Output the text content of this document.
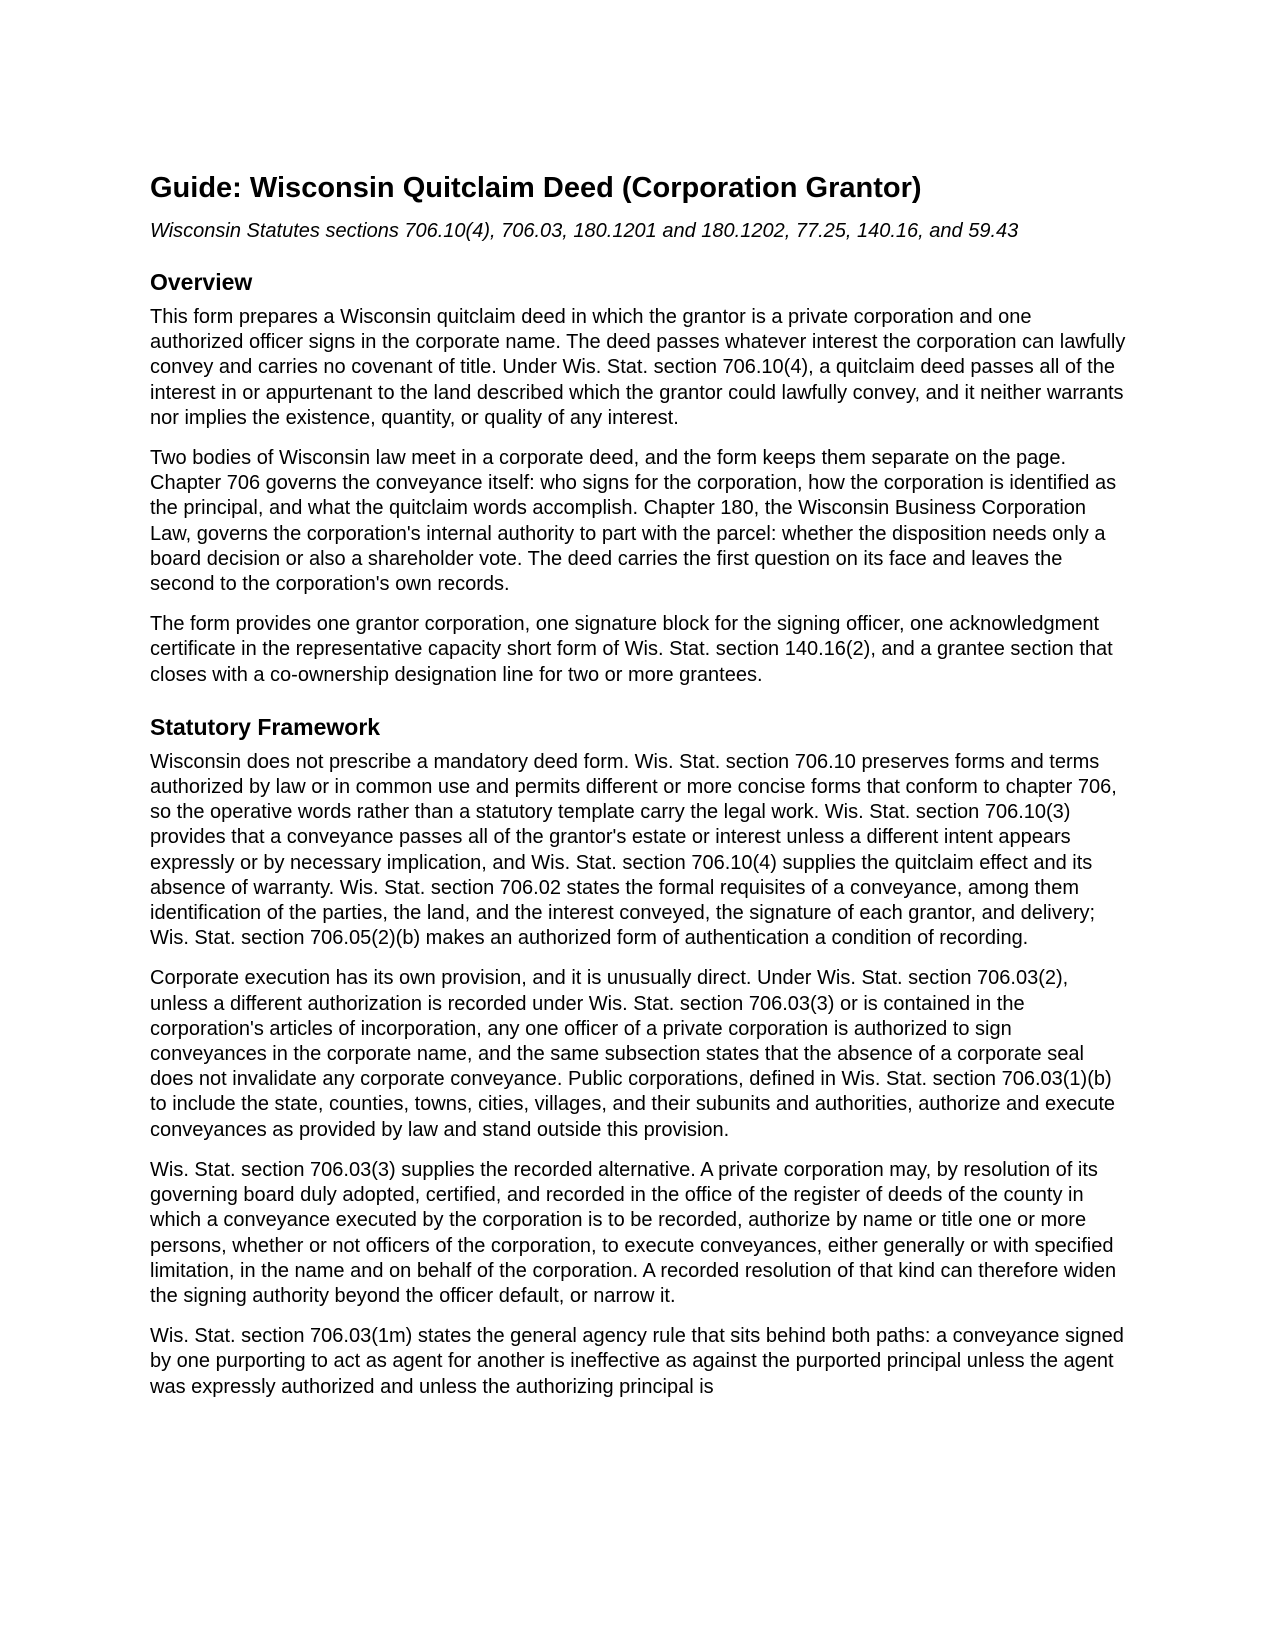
Guide: Wisconsin Quitclaim Deed (Corporation Grantor)

Wisconsin Statutes sections 706.10(4), 706.03, 180.1201 and 180.1202, 77.25, 140.16, and 59.43

Overview

This form prepares a Wisconsin quitclaim deed in which the grantor is a private corporation and one authorized officer signs in the corporate name. The deed passes whatever interest the corporation can lawfully convey and carries no covenant of title. Under Wis. Stat. section 706.10(4), a quitclaim deed passes all of the interest in or appurtenant to the land described which the grantor could lawfully convey, and it neither warrants nor implies the existence, quantity, or quality of any interest.

Two bodies of Wisconsin law meet in a corporate deed, and the form keeps them separate on the page. Chapter 706 governs the conveyance itself: who signs for the corporation, how the corporation is identified as the principal, and what the quitclaim words accomplish. Chapter 180, the Wisconsin Business Corporation Law, governs the corporation's internal authority to part with the parcel: whether the disposition needs only a board decision or also a shareholder vote. The deed carries the first question on its face and leaves the second to the corporation's own records.

The form provides one grantor corporation, one signature block for the signing officer, one acknowledgment certificate in the representative capacity short form of Wis. Stat. section 140.16(2), and a grantee section that closes with a co-ownership designation line for two or more grantees.

Statutory Framework

Wisconsin does not prescribe a mandatory deed form. Wis. Stat. section 706.10 preserves forms and terms authorized by law or in common use and permits different or more concise forms that conform to chapter 706, so the operative words rather than a statutory template carry the legal work. Wis. Stat. section 706.10(3) provides that a conveyance passes all of the grantor's estate or interest unless a different intent appears expressly or by necessary implication, and Wis. Stat. section 706.10(4) supplies the quitclaim effect and its absence of warranty. Wis. Stat. section 706.02 states the formal requisites of a conveyance, among them identification of the parties, the land, and the interest conveyed, the signature of each grantor, and delivery; Wis. Stat. section 706.05(2)(b) makes an authorized form of authentication a condition of recording.

Corporate execution has its own provision, and it is unusually direct. Under Wis. Stat. section 706.03(2), unless a different authorization is recorded under Wis. Stat. section 706.03(3) or is contained in the corporation's articles of incorporation, any one officer of a private corporation is authorized to sign conveyances in the corporate name, and the same subsection states that the absence of a corporate seal does not invalidate any corporate conveyance. Public corporations, defined in Wis. Stat. section 706.03(1)(b) to include the state, counties, towns, cities, villages, and their subunits and authorities, authorize and execute conveyances as provided by law and stand outside this provision.

Wis. Stat. section 706.03(3) supplies the recorded alternative. A private corporation may, by resolution of its governing board duly adopted, certified, and recorded in the office of the register of deeds of the county in which a conveyance executed by the corporation is to be recorded, authorize by name or title one or more persons, whether or not officers of the corporation, to execute conveyances, either generally or with specified limitation, in the name and on behalf of the corporation. A recorded resolution of that kind can therefore widen the signing authority beyond the officer default, or narrow it.

Wis. Stat. section 706.03(1m) states the general agency rule that sits behind both paths: a conveyance signed by one purporting to act as agent for another is ineffective as against the purported principal unless the agent was expressly authorized and unless the authorizing principal is
